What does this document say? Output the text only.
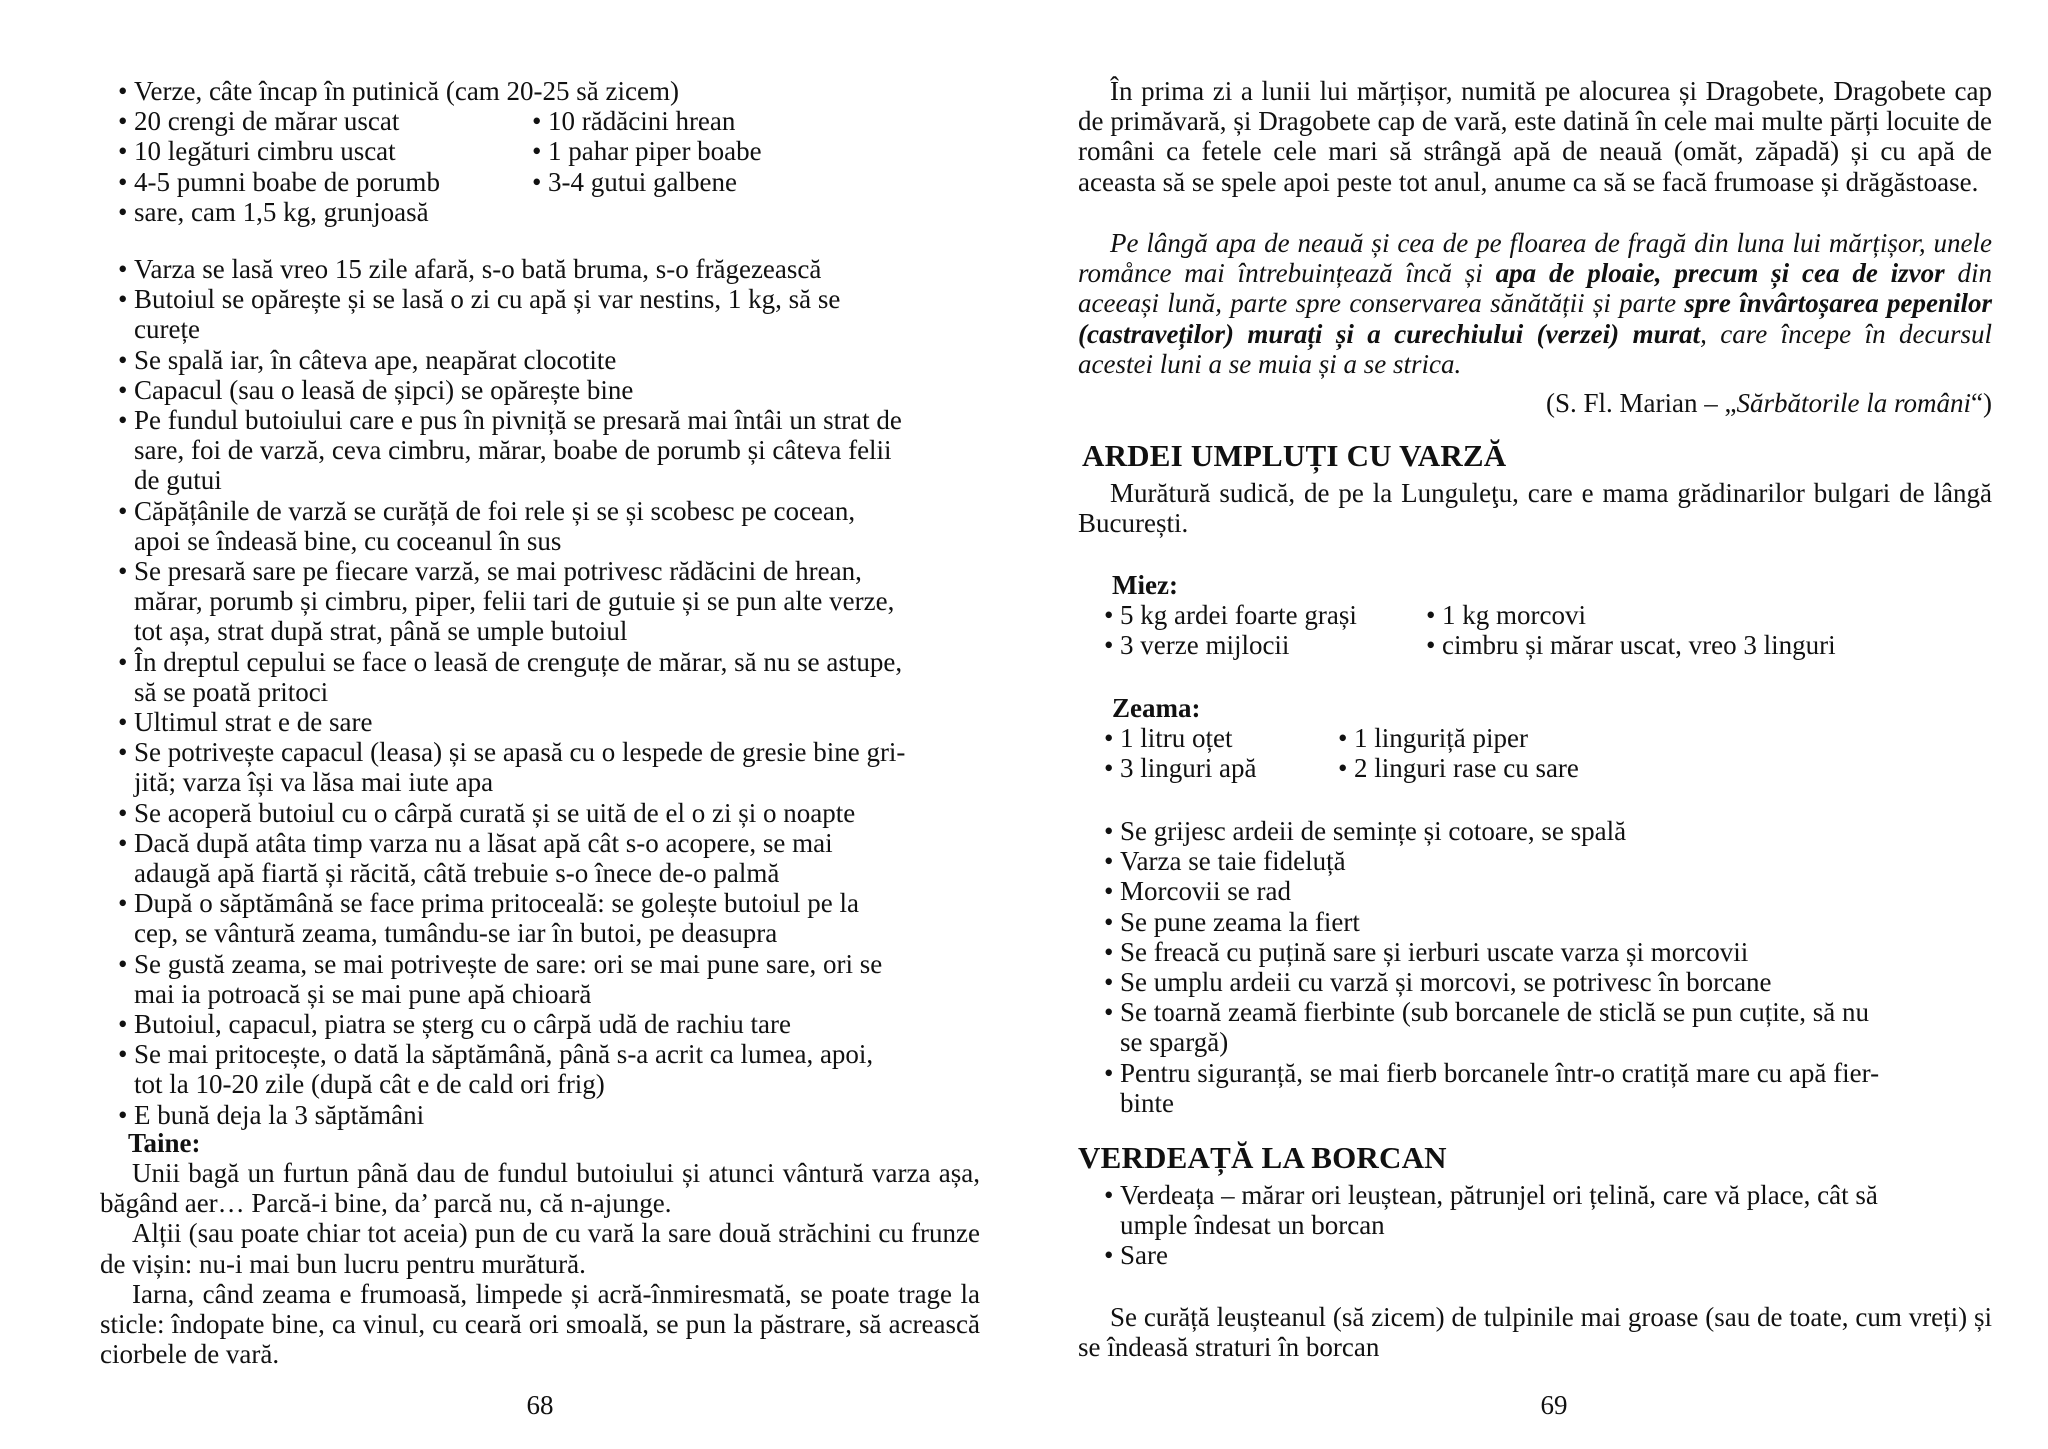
• Verze, câte încap în putinică (cam 20-25 să zicem)
• 20 crengi de mărar uscat	• 10 rădăcini hrean
• 10 legături cimbru uscat	• 1 pahar piper boabe
• 4-5 pumni boabe de porumb	• 3-4 gutui galbene
• sare, cam 1,5 kg, grunjoasă
• Varza se lasă vreo 15 zile afară, s-o bată bruma, s-o frăgezească
• Butoiul se opărește și se lasă o zi cu apă și var nestins, 1 kg, să se
curețe
• Se spală iar, în câteva ape, neapărat clocotite
• Capacul (sau o leasă de șipci) se opărește bine
• Pe fundul butoiului care e pus în pivniță se presară mai întâi un strat de
sare, foi de varză, ceva cimbru, mărar, boabe de porumb și câteva felii
de gutui
• Căpățânile de varză se curăță de foi rele și se și scobesc pe cocean,
apoi se îndeasă bine, cu coceanul în sus
• Se presară sare pe fiecare varză, se mai potrivesc rădăcini de hrean,
mărar, porumb și cimbru, piper, felii tari de gutuie și se pun alte verze,
tot așa, strat după strat, până se umple butoiul
• În dreptul cepului se face o leasă de crenguțe de mărar, să nu se astupe,
să se poată pritoci
• Ultimul strat e de sare
• Se potrivește capacul (leasa) și se apasă cu o lespede de gresie bine gri-
jită; varza își va lăsa mai iute apa
• Se acoperă butoiul cu o cârpă curată și se uită de el o zi și o noapte
• Dacă după atâta timp varza nu a lăsat apă cât s-o acopere, se mai
adaugă apă fiartă și răcită, câtă trebuie s-o înece de-o palmă
• După o săptămână se face prima pritoceală: se golește butoiul pe la
cep, se vântură zeama, tumându-se iar în butoi, pe deasupra
• Se gustă zeama, se mai potrivește de sare: ori se mai pune sare, ori se
mai ia potroacă și se mai pune apă chioară
• Butoiul, capacul, piatra se șterg cu o cârpă udă de rachiu tare
• Se mai pritocește, o dată la săptămână, până s-a acrit ca lumea, apoi,
tot la 10-20 zile (după cât e de cald ori frig)
• E bună deja la 3 săptămâni
Taine:

Unii bagă un furtun până dau de fundul butoiului și atunci vântură varza așa, băgând aer… Parcă-i bine, da’ parcă nu, că n-ajunge.

Alții (sau poate chiar tot aceia) pun de cu vară la sare două străchini cu frunze de vișin: nu-i mai bun lucru pentru murătură.

Iarna, când zeama e frumoasă, limpede și acră-înmiresmată, se poate trage la sticle: îndopate bine, ca vinul, cu ceară ori smoală, se pun la păstrare, să acrească ciorbele de vară.

68

În prima zi a lunii lui mărțișor, numită pe alocurea și Dragobete, Dragobete cap de primăvară, și Dragobete cap de vară, este datină în cele mai multe părți locuite de români ca fetele cele mari să strângă apă de neauă (omăt, zăpadă) și cu apă de aceasta să se spele apoi peste tot anul, anume ca să se facă frumoase și drăgăstoase.

Pe lângă apa de neauă și cea de pe floarea de fragă din luna lui mărțișor, unele romånce mai întrebuințează încă și apa de ploaie, precum și cea de izvor din aceeași lună, parte spre conservarea sănătății și parte spre învârtoșarea pepenilor (castraveților) murați și a curechiului (verzei) murat, care începe în decursul acestei luni a se muia și a se strica.

(S. Fl. Marian – „Sărbătorile la români“)
ARDEI UMPLUȚI CU VARZĂ

Murătură sudică, de pe la Lunguleţu, care e mama grădinarilor bulgari de lângă București.

Miez:
• 5 kg ardei foarte grași	• 1 kg morcovi
• 3 verze mijlocii	• cimbru și mărar uscat, vreo 3 linguri
Zeama:
• 1 litru oțet	• 1 linguriță piper
• 3 linguri apă	• 2 linguri rase cu sare
• Se grijesc ardeii de semințe și cotoare, se spală
• Varza se taie fideluță
• Morcovii se rad
• Se pune zeama la fiert
• Se freacă cu puțină sare și ierburi uscate varza și morcovii
• Se umplu ardeii cu varză și morcovi, se potrivesc în borcane
• Se toarnă zeamă fierbinte (sub borcanele de sticlă se pun cuțite, să nu
se spargă)
• Pentru siguranță, se mai fierb borcanele într-o cratiță mare cu apă fier-
binte
VERDEAȚĂ LA BORCAN
• Verdeața – mărar ori leuștean, pătrunjel ori țelină, care vă place, cât să
umple îndesat un borcan
• Sare

Se curăță leușteanul (să zicem) de tulpinile mai groase (sau de toate, cum vreți) și se îndeasă straturi în borcan

69
